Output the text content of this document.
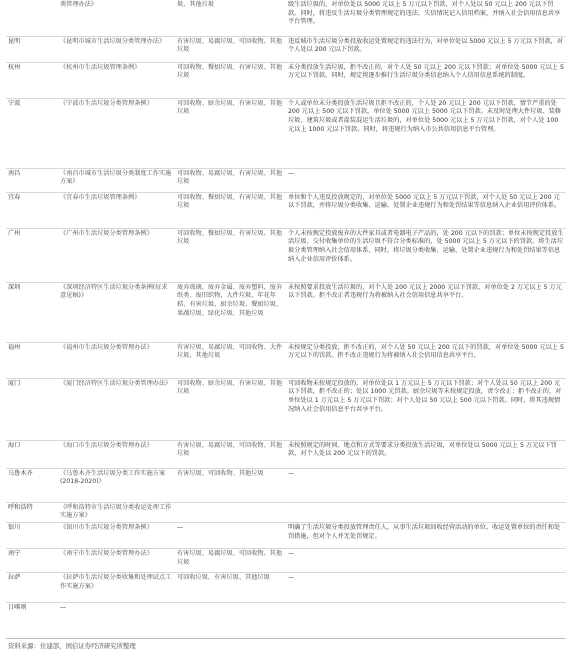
	类管理办法》	圾、其他垃圾	级生活垃圾的，对单位处以 5000 元以上 5 万元以下罚款，对个人处以 50 元以上 200 元以下罚款。同时，将违反生活垃圾分类管理规定的违法、失信情况记入信用档案，并纳入社会信用信息共享平台管理。
昆明	《昆明市城市生活垃圾分类管理办法》	有害垃圾、易腐垃圾、可回收物、其他垃圾	违反城市生活垃圾分类投放收运处置规定的违法行为，对单位处以 5000 元以上 5 万元以下罚款，对个人处以 200 元以下罚款。
杭州	《杭州市生活垃圾管理条例》	可回收物、餐厨垃圾、有害垃圾、其他垃圾	未分类投放生活垃圾，拒不改正的，对个人处 50 元以上 200 元以下罚款；对单位处 5000 元以上 5 万元以下罚款。同时，规定将逐步推行生活垃圾分类信息纳入个人信用信息系统的制度。
宁波	《宁波市生活垃圾分类管理条例》	可回收物、厨余垃圾、有害垃圾、其他垃圾	个人或单位未分类投放生活垃圾且拒不改正的，个人处 20 元以上 200 元以下罚款，情节严重的处 200 元以上 500 元以下罚款，单位处 5000 元以上 5000 元以下罚款。未及时处理大件垃圾、装修垃圾、建筑垃圾或者混装混运生活垃圾的，对单位处 5000 元以上 5 万元以下罚款，对个人处 100 元以上 1000 元以下罚款。同时，将违规行为纳入市公共信用信息平台管理。
南昌	《南昌市城市生活垃圾分类制度工作实施方案》	可回收物、易腐垃圾、有害垃圾、其他垃圾	—
宜春	《宜春市生活垃圾管理条例》	可回收物、餐厨垃圾、有害垃圾、其他垃圾	单位和个人违反投放规定的，对单位处 5000 元以上 5 万元以下罚款，对个人处 50 元以上 200 元以下罚款，并将垃圾分类收集、运输、处置企业违规行为和处罚结果等信息纳入企业信用评价体系。
广州	《广州市生活垃圾分类管理条例》	可回收物、餐厨垃圾、有害垃圾、其他垃圾	个人未按规定投放废弃的大件家具或者电器电子产品的，处 200 元以下的罚款；单位未按规定投放生活垃圾、交付收集单位的生活垃圾不符合分类标准的，处 5000 元以上 5 万元以下的罚款。将生活垃圾分类管理纳入社会信用体系，同时，将垃圾分类收集、运输、处置企业违规行为和处罚结果等信息纳入企业信用评价体系。
深圳	《深圳经济特区生活垃圾分类条例(征求意见稿)》	废弃玻璃、废弃金属、废弃塑料、废弃纸类、废旧织物、大件垃圾、年花年桔、有害垃圾、厨余垃圾、餐厨垃圾、果蔬垃圾、绿化垃圾、其他垃圾	未按照要求投放生活垃圾的，对个人处 200 元以上 2000 元以下罚款，对单位处 2 万元以上 5 万元以下罚款。拒不改正者违规行为将被纳入社会信用信息共享平台。
福州	《福州市生活垃圾分类管理办法》	有害垃圾、易腐垃圾、可回收物、大件垃圾、其他垃圾	未按规定分类投放，拒不改正的，对个人处 50 元以上 200 元以下的罚款，对单位处 5000 元以上 5 万元以下的罚款。拒不改正违规行为将被纳入社会信用信息共享平台。
厦门	《厦门经济特区生活垃圾分类管理办法》	可回收物、厨余垃圾、有害垃圾、其他垃圾	可回收物未按规定投放的，对单位处以 1 万元以上 5 万元以下罚款；对个人处以 50 元以上 200 元以下罚款，拒不改正的；处以 1000 元罚款。厨余垃圾等未按规定投放，责令改正；拒不改正的，对单位处以 1 万元以上 5 万元以下罚款；对个人处以 50 元以上 500 元以下罚款。同时，将其违规情况纳入社会信用信息平台共享平台。
海口	《海口市生活垃圾分类管理办法》	有害垃圾、易腐垃圾、可回收物、其他垃圾	未按照规定的时间、地点和方式等要求分类投放生活垃圾，对单位处以 5000 元以上 5 万元以下罚款，对个人处以 200 元以下的罚款。
乌鲁木齐	《乌鲁木齐生活垃圾分类工作实施方案(2018-2020)》	有害垃圾、可回收物、其他垃圾	—
呼和浩特	《呼和浩特市生活垃圾分类收运处理工作实施方案》		
银川	《银川市生活垃圾分类管理条例》	—	明确了生活垃圾分类投放管理责任人，从事生活垃圾回收经营活动的单位、收运处置单位的责任和处罚措施，但对个人并无处罚规定。
南宁	《南宁市生活垃圾分类管理办法》	有害垃圾、易腐垃圾、可回收物、其他垃圾	—
拉萨	《拉萨市生活垃圾分类收集和处理试点工作实施方案》	可回收垃圾、有害垃圾、其他垃圾	—
日喀则	—		
资料来源：住建部，国信证券经济研究所整理
